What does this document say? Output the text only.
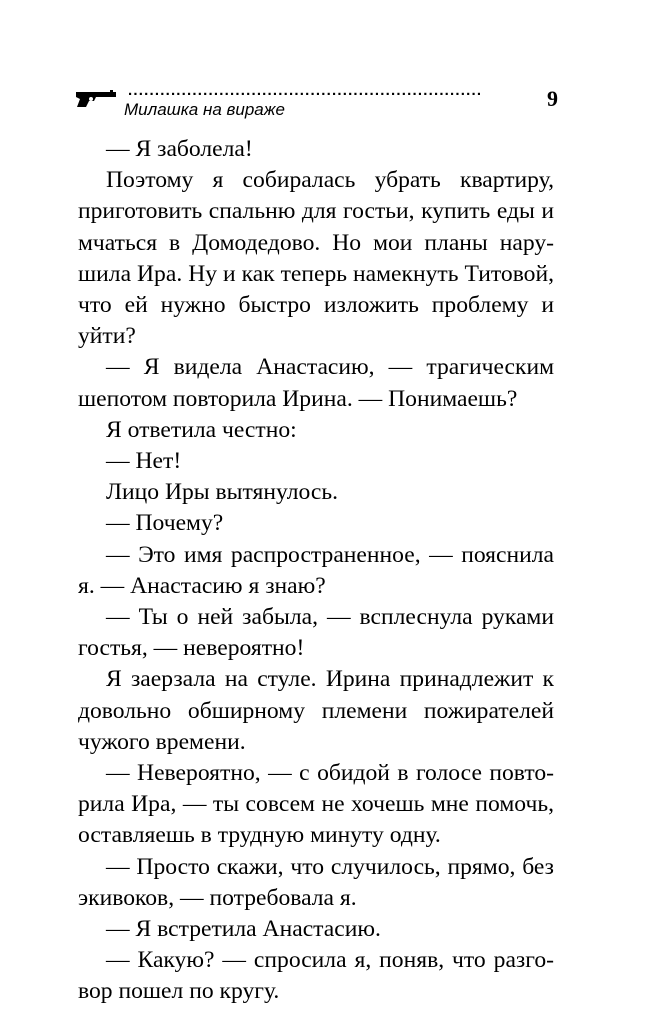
..................................................................
Милашка на вираже	9

— Я заболела!

Поэтому я собиралась убрать квартиру, приготовить спальню для гостьи, купить еды и мчаться в Домодедово. Но мои планы нарушила Ира. Ну и как теперь намекнуть Титовой, что ей нужно быстро изложить проблему и уйти?

— Я видела Анастасию, — трагическим шепотом повторила Ирина. — Понимаешь?

Я ответила честно:

— Нет!

Лицо Иры вытянулось.

— Почему?

— Это имя распространенное, — пояснила я. — Анастасию я знаю?

— Ты о ней забыла, — всплеснула руками гостья, — невероятно!

Я заерзала на стуле. Ирина принадлежит к довольно обширному племени пожирателей чужого времени.

— Невероятно, — с обидой в голосе повторила Ира, — ты совсем не хочешь мне помочь, оставляешь в трудную минуту одну.

— Просто скажи, что случилось, прямо, без экивоков, — потребовала я.

— Я встретила Анастасию.

— Какую? — спросила я, поняв, что разговор пошел по кругу.
